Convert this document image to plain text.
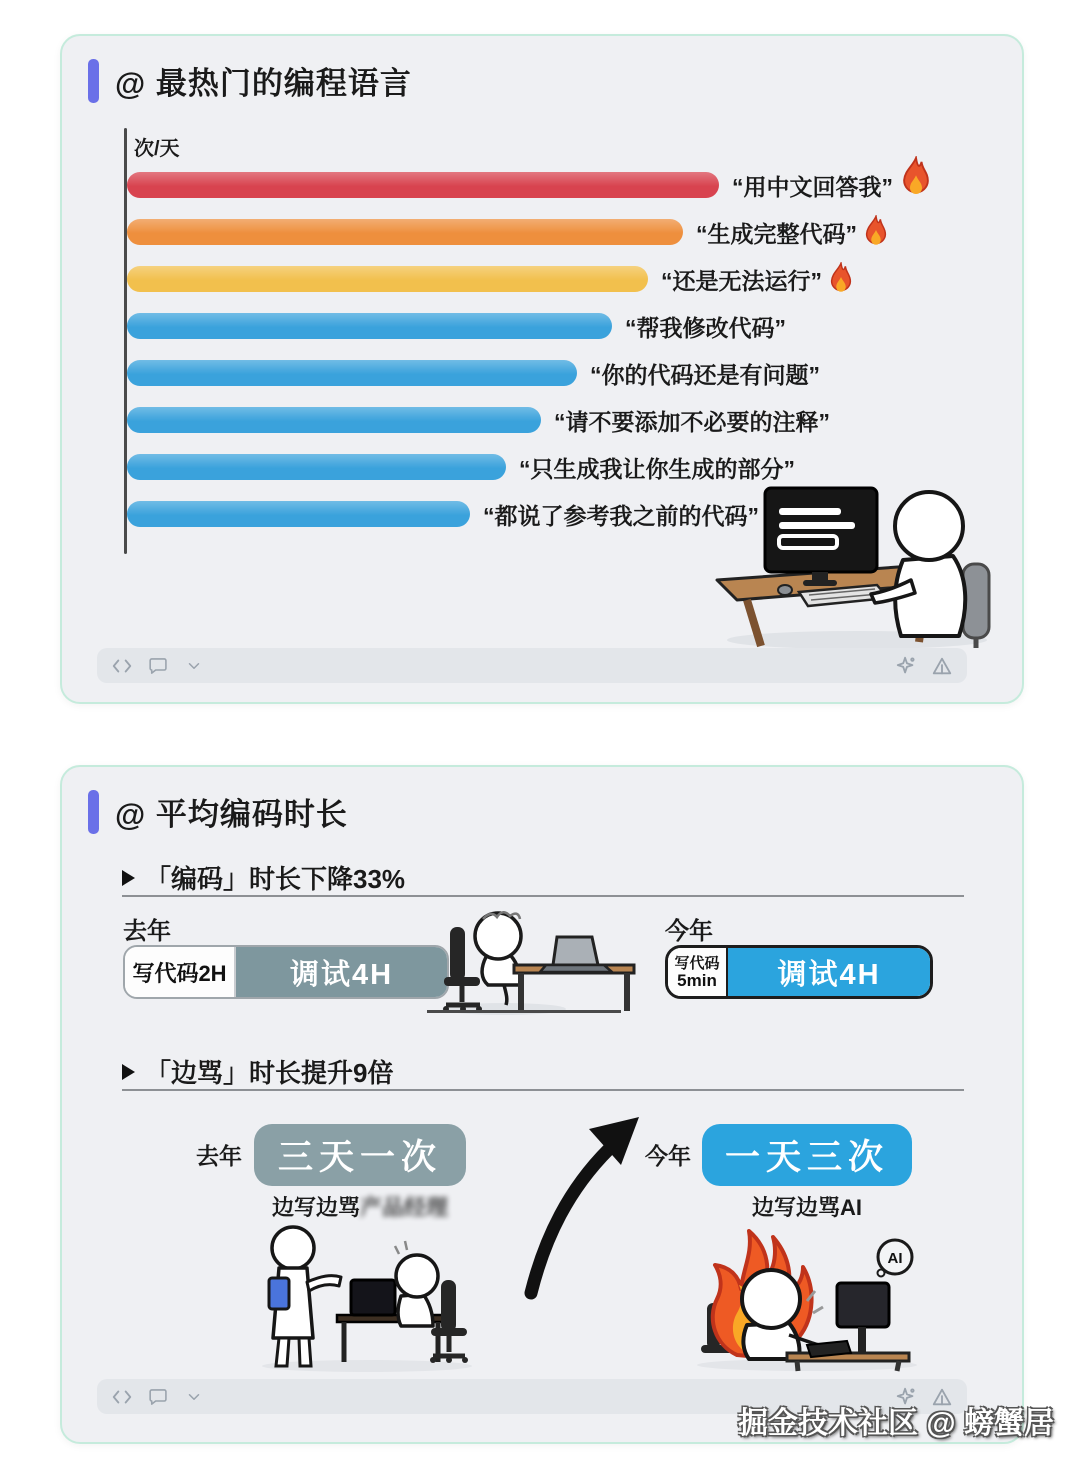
@ 最热门的编程语言
次/天
“用中文回答我”
“生成完整代码”
“还是无法运行”
“帮我修改代码”
“你的代码还是有问题”
“请不要添加不必要的注释”
“只生成我让你生成的部分”
“都说了参考我之前的代码”
@ 平均编码时长
「编码」时长下降33%
去年
写代码2H	调试4H
今年
写代码
5min	调试4H
「边骂」时长提升9倍
去年	三天一次
边写边骂产品经理
今年 一天三次
边写边骂AI
AI
掘金技术社区 @ 螃蟹居
